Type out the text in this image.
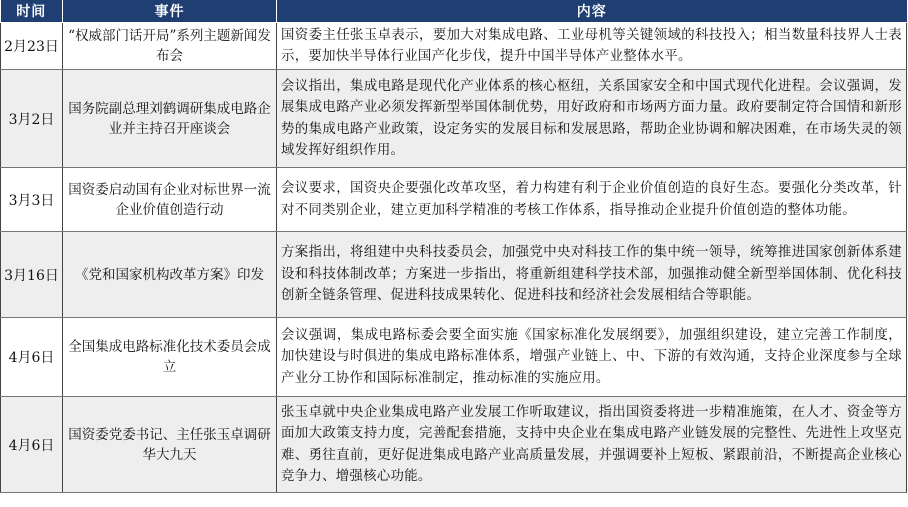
时间	事件	内容
2月23日	“权威部门话开局”系列主题新闻发布会	国资委主任张玉卓表示，要加大对集成电路、工业母机等关键领域的科技投入；相当数量科技界人士表示，要加快半导体行业国产化步伐，提升中国半导体产业整体水平。
3月2日	国务院副总理刘鹤调研集成电路企业并主持召开座谈会	会议指出，集成电路是现代化产业体系的核心枢纽，关系国家安全和中国式现代化进程。会议强调，发展集成电路产业必须发挥新型举国体制优势，用好政府和市场两方面力量。政府要制定符合国情和新形势的集成电路产业政策，设定务实的发展目标和发展思路，帮助企业协调和解决困难，在市场失灵的领域发挥好组织作用。
3月3日	国资委启动国有企业对标世界一流企业价值创造行动	会议要求，国资央企要强化改革攻坚，着力构建有利于企业价值创造的良好生态。要强化分类改革，针对不同类别企业，建立更加科学精准的考核工作体系，指导推动企业提升价值创造的整体功能。
3月16日	《党和国家机构改革方案》印发	方案指出，将组建中央科技委员会，加强党中央对科技工作的集中统一领导，统筹推进国家创新体系建设和科技体制改革；方案进一步指出，将重新组建科学技术部，加强推动健全新型举国体制、优化科技创新全链条管理、促进科技成果转化、促进科技和经济社会发展相结合等职能。
4月6日	全国集成电路标准化技术委员会成立	会议强调，集成电路标委会要全面实施《国家标准化发展纲要》，加强组织建设，建立完善工作制度，加快建设与时俱进的集成电路标准体系，增强产业链上、中、下游的有效沟通，支持企业深度参与全球产业分工协作和国际标准制定，推动标准的实施应用。
4月6日	国资委党委书记、主任张玉卓调研华大九天	张玉卓就中央企业集成电路产业发展工作听取建议，指出国资委将进一步精准施策，在人才、资金等方面加大政策支持力度，完善配套措施，支持中央企业在集成电路产业链发展的完整性、先进性上攻坚克难、勇往直前，更好促进集成电路产业高质量发展，并强调要补上短板、紧跟前沿，不断提高企业核心竞争力、增强核心功能。
